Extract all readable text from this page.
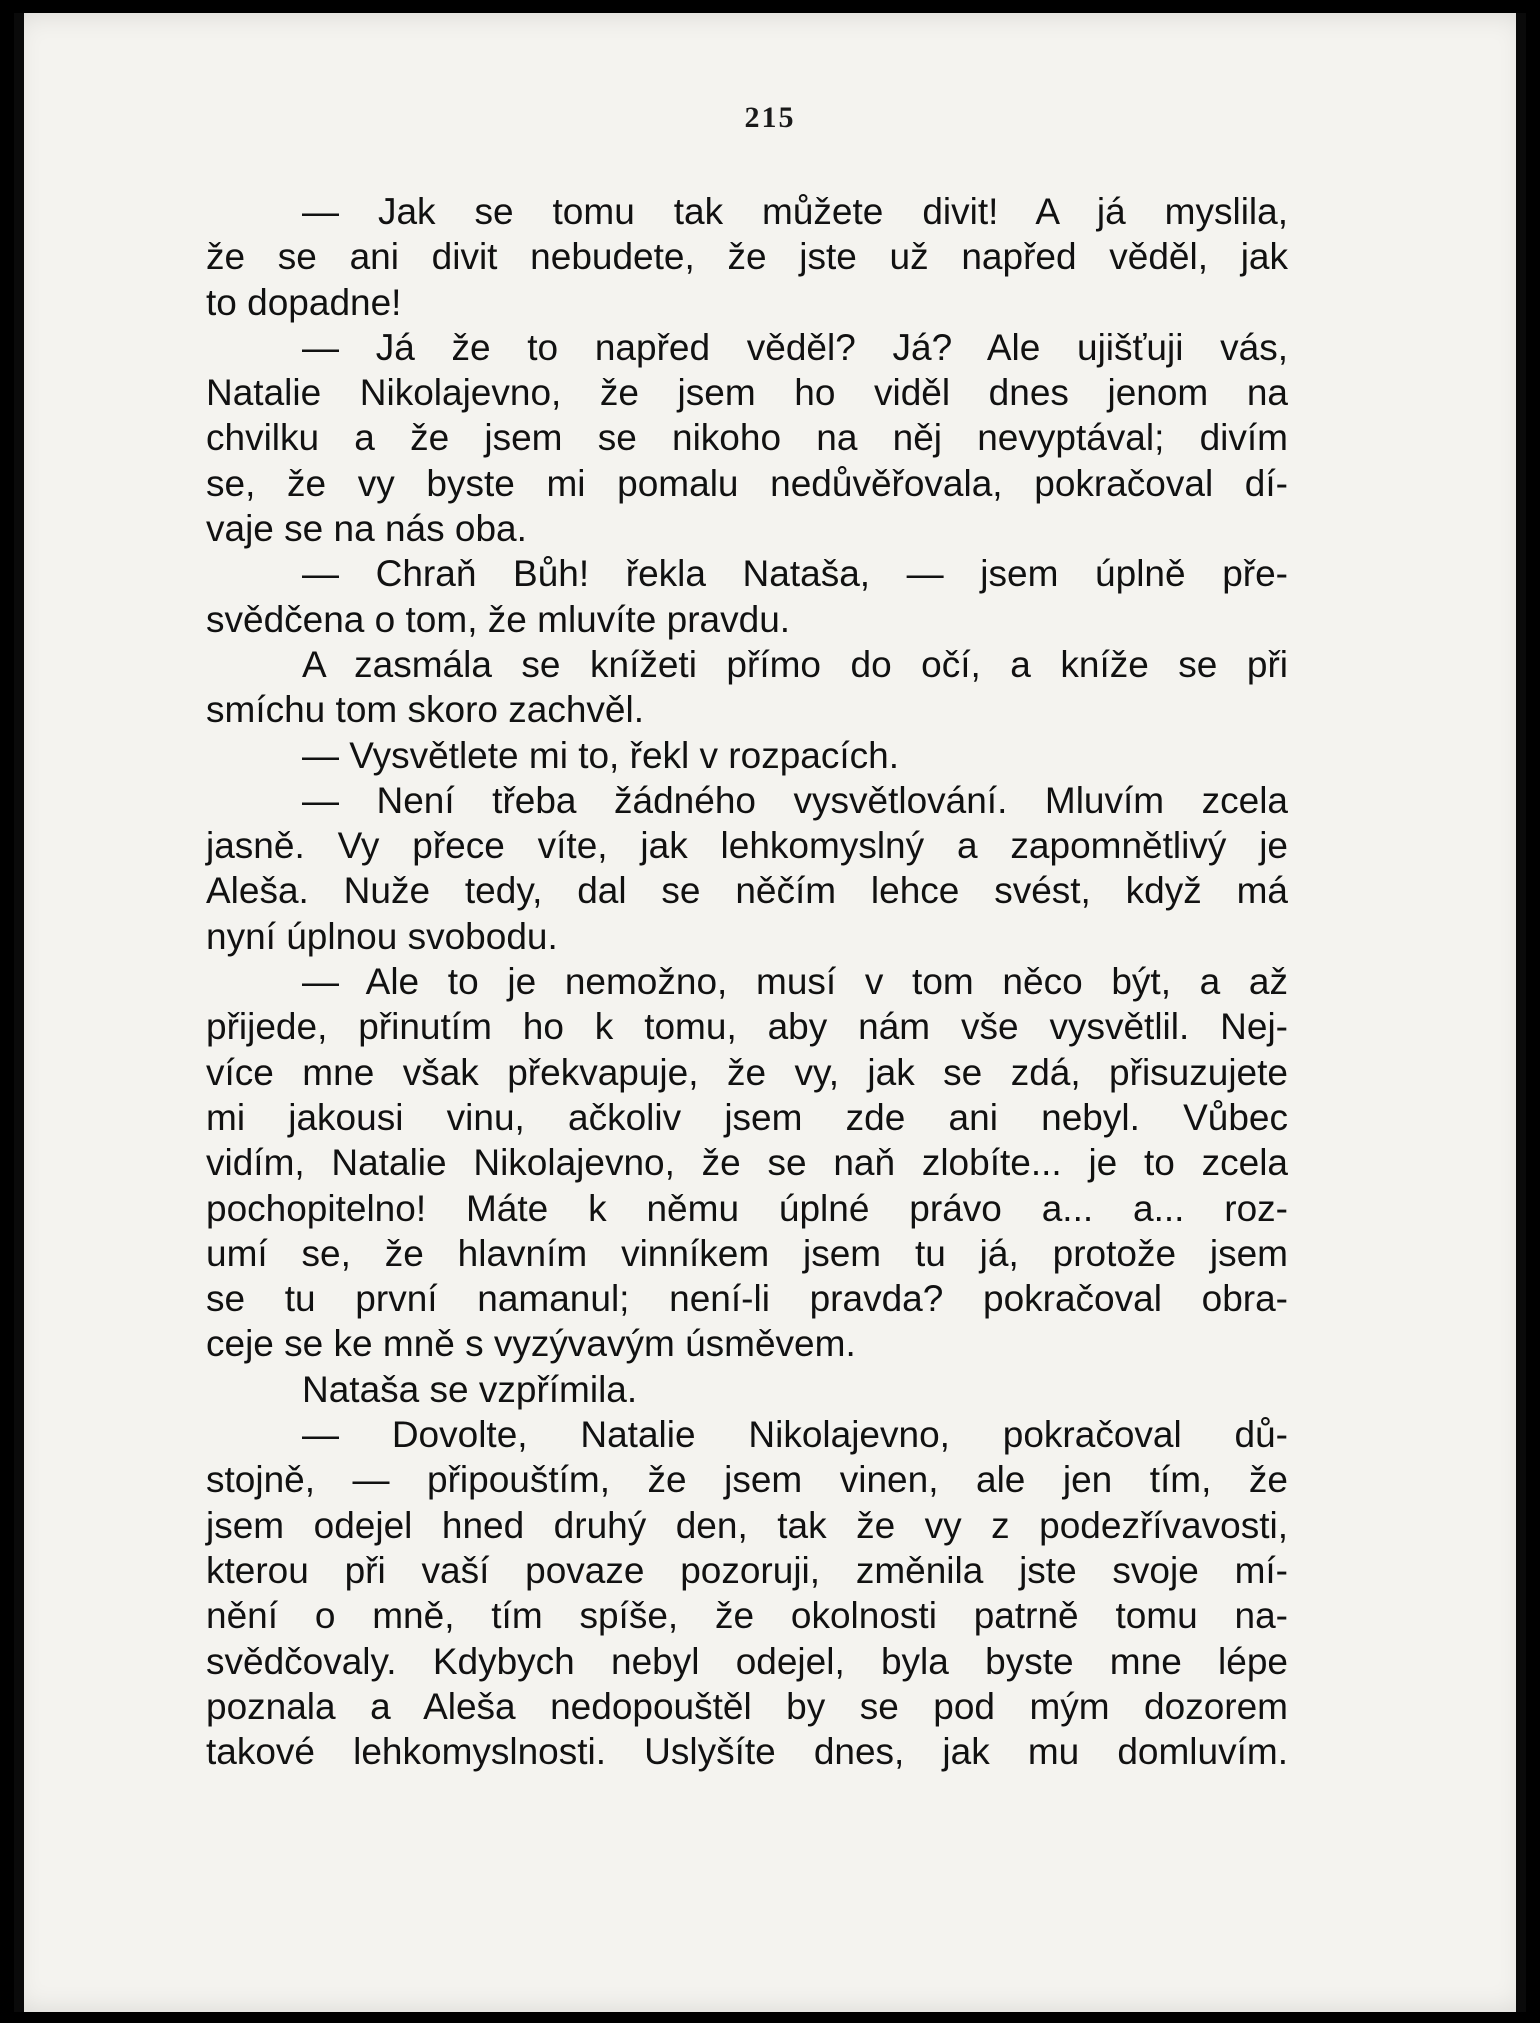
215
— Jak se tomu tak můžete divit! A já myslila,
že se ani divit nebudete, že jste už napřed věděl, jak
to dopadne!
— Já že to napřed věděl? Já? Ale ujišťuji vás,
Natalie Nikolajevno, že jsem ho viděl dnes jenom na
chvilku a že jsem se nikoho na něj nevyptával; divím
se, že vy byste mi pomalu nedůvěřovala, pokračoval dí-
vaje se na nás oba.
— Chraň Bůh! řekla Nataša, — jsem úplně pře-
svědčena o tom, že mluvíte pravdu.
A zasmála se knížeti přímo do očí, a kníže se při
smíchu tom skoro zachvěl.
— Vysvětlete mi to, řekl v rozpacích.
— Není třeba žádného vysvětlování. Mluvím zcela
jasně. Vy přece víte, jak lehkomyslný a zapomnětlivý je
Aleša. Nuže tedy, dal se něčím lehce svést, když má
nyní úplnou svobodu.
— Ale to je nemožno, musí v tom něco být, a až
přijede, přinutím ho k tomu, aby nám vše vysvětlil. Nej-
více mne však překvapuje, že vy, jak se zdá, přisuzujete
mi jakousi vinu, ačkoliv jsem zde ani nebyl. Vůbec
vidím, Natalie Nikolajevno, že se naň zlobíte... je to zcela
pochopitelno! Máte k němu úplné právo a... a... roz-
umí se, že hlavním vinníkem jsem tu já, protože jsem
se tu první namanul; není-li pravda? pokračoval obra-
ceje se ke mně s vyzývavým úsměvem.
Nataša se vzpřímila.
— Dovolte, Natalie Nikolajevno, pokračoval dů-
stojně, — připouštím, že jsem vinen, ale jen tím, že
jsem odejel hned druhý den, tak že vy z podezřívavosti,
kterou při vaší povaze pozoruji, změnila jste svoje mí-
nění o mně, tím spíše, že okolnosti patrně tomu na-
svědčovaly. Kdybych nebyl odejel, byla byste mne lépe
poznala a Aleša nedopouštěl by se pod mým dozorem
takové lehkomyslnosti. Uslyšíte dnes, jak mu domluvím.
